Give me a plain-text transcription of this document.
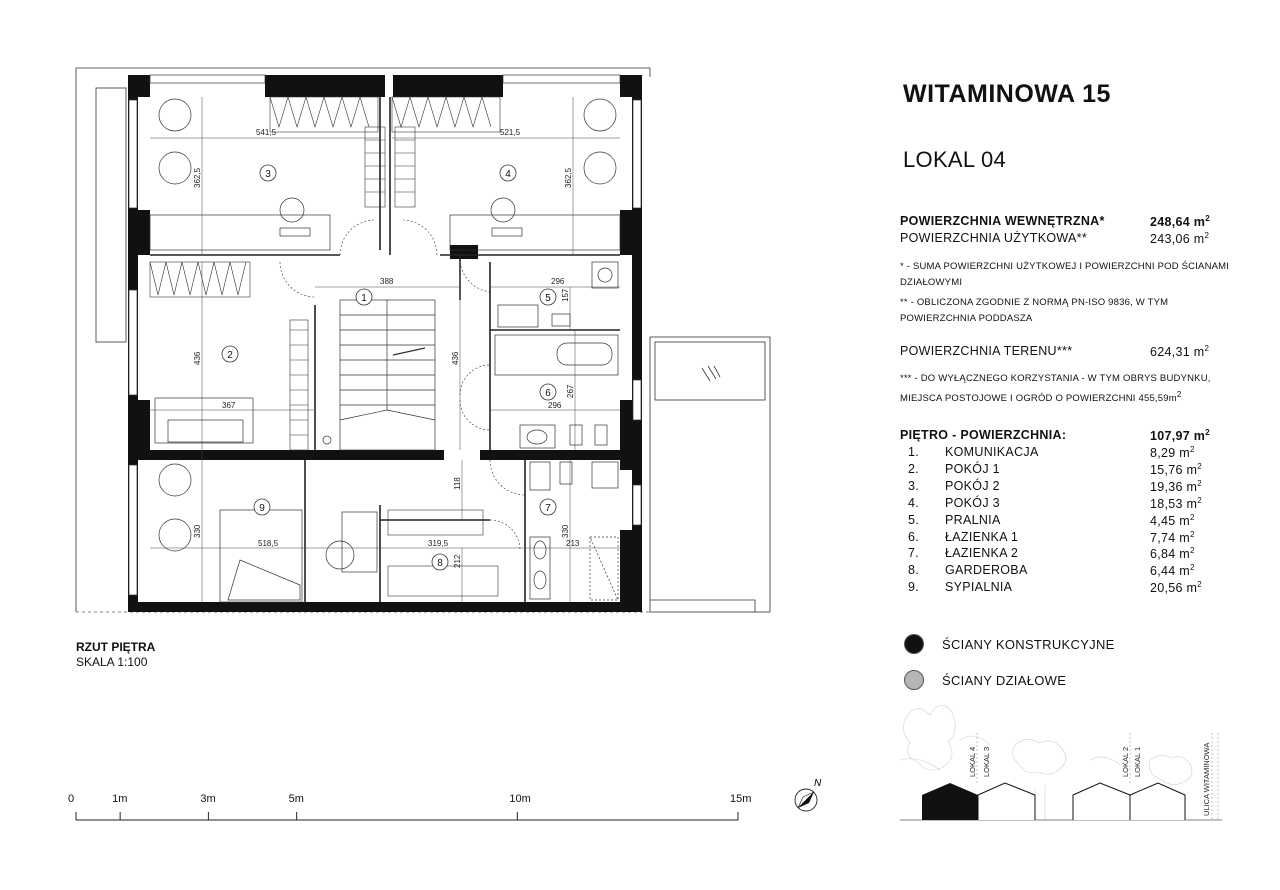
1
2
3	4
5
6
7
8
9
541,5	521,5
362,5	362,5
388	296
157
436	436
367
267
296
118
330
518,5	319,5
212
330
213
N
LOKAL 4 LOKAL 3	LOKAL 2 LOKAL 1	ULICA WITAMINOWA
0	1m	3m	5m	10m	15m
RZUT PIĘTRA
SKALA 1:100
WITAMINOWA 15
LOKAL 04
POWIERZCHNIA WEWNĘTRZNA*	248,64 $m^2$
POWIERZCHNIA UŻYTKOWA**	243,06 $m^2$
* - SUMA POWIERZCHNI UŻYTKOWEJ I POWIERZCHNI POD ŚCIANAMI DZIAŁOWYMI
** - OBLICZONA ZGODNIE Z NORMĄ PN-ISO 9836, W TYM POWIERZCHNIA PODDASZA
POWIERZCHNIA TERENU***	624,31 $m^2$
*** - DO WYŁĄCZNEGO KORZYSTANIA - W TYM OBRYS BUDYNKU, MIEJSCA POSTOJOWE I OGRÓD O POWIERZCHNI $455,59m^2$
PIĘTRO - POWIERZCHNIA:	107,97 $m^2$
1.	KOMUNIKACJA	8,29 $m^2$
2.	POKÓJ 1	15,76 $m^2$
3.	POKÓJ 2	19,36 $m^2$
4.	POKÓJ 3	18,53 $m^2$
5.	PRALNIA	4,45 $m^2$
6.	ŁAZIENKA 1	7,74 $m^2$
7.	ŁAZIENKA 2	6,84 $m^2$
8.	GARDEROBA	6,44 $m^2$
9.	SYPIALNIA	20,56 $m^2$
ŚCIANY KONSTRUKCYJNE
ŚCIANY DZIAŁOWE
